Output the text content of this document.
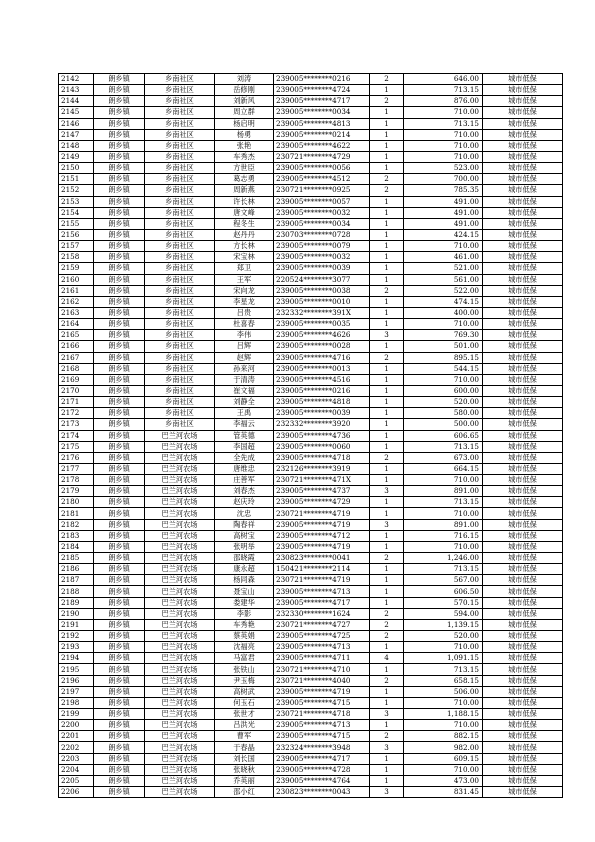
2142	朗乡镇	乡南社区	刘涛	239005********0216	2	646.00	城市低保
2143	朗乡镇	乡南社区	岳修刚	239005********4724	1	713.15	城市低保
2144	朗乡镇	乡南社区	刘新风	239005********4717	2	876.00	城市低保
2145	朗乡镇	乡南社区	周立群	239005********0034	1	710.00	城市低保
2146	朗乡镇	乡南社区	杨启明	239005********4813	1	713.15	城市低保
2147	朗乡镇	乡南社区	杨勇	239005********0214	1	710.00	城市低保
2148	朗乡镇	乡南社区	张艳	239005********4622	1	710.00	城市低保
2149	朗乡镇	乡南社区	车秀杰	230721********4729	1	710.00	城市低保
2150	朗乡镇	乡南社区	方世臣	239005********0056	1	523.00	城市低保
2151	朗乡镇	乡南社区	葛志勇	239005********4512	2	700.00	城市低保
2152	朗乡镇	乡南社区	周新燕	230721********0925	2	785.35	城市低保
2153	朗乡镇	乡南社区	许长林	239005********0057	1	491.00	城市低保
2154	朗乡镇	乡南社区	唐文峰	239005********0032	1	491.00	城市低保
2155	朗乡镇	乡南社区	程冬生	239005********0034	1	491.00	城市低保
2156	朗乡镇	乡南社区	赵丹丹	230703********0728	1	424.15	城市低保
2157	朗乡镇	乡南社区	方长林	239005********0079	1	710.00	城市低保
2158	朗乡镇	乡南社区	宋宝林	239005********0032	1	461.00	城市低保
2159	朗乡镇	乡南社区	郑卫	239005********0039	1	521.00	城市低保
2160	朗乡镇	乡南社区	王军	220524********3077	1	561.00	城市低保
2161	朗乡镇	乡南社区	宋向龙	239005********0038	2	522.00	城市低保
2162	朗乡镇	乡南社区	李星龙	239005********0010	1	474.15	城市低保
2163	朗乡镇	乡南社区	吕贵	232332********391X	1	400.00	城市低保
2164	朗乡镇	乡南社区	杜喜春	239005********0035	1	710.00	城市低保
2165	朗乡镇	乡南社区	李伟	239005********4626	3	769.30	城市低保
2166	朗乡镇	乡南社区	吕辉	239005********0028	1	501.00	城市低保
2167	朗乡镇	乡南社区	赵辉	239005********4716	2	895.15	城市低保
2168	朗乡镇	乡南社区	孙来河	239005********0013	1	544.15	城市低保
2169	朗乡镇	乡南社区	于清涛	239005********4516	1	710.00	城市低保
2170	朗乡镇	乡南社区	崔文福	239005********0216	1	600.00	城市低保
2171	朗乡镇	乡南社区	刘静全	239005********4818	1	520.00	城市低保
2172	朗乡镇	乡南社区	王禹	239005********0039	1	580.00	城市低保
2173	朗乡镇	乡南社区	李福云	232332********3920	1	500.00	城市低保
2174	朗乡镇	巴兰河农场	管英德	239005********4736	1	606.65	城市低保
2175	朗乡镇	巴兰河农场	李国超	239005********0060	1	713.15	城市低保
2176	朗乡镇	巴兰河农场	全先成	239005********4718	2	673.00	城市低保
2177	朗乡镇	巴兰河农场	唐维忠	232126********3919	1	664.15	城市低保
2178	朗乡镇	巴兰河农场	庄善军	230721********471X	1	710.00	城市低保
2179	朗乡镇	巴兰河农场	刘春杰	239005********4737	3	891.00	城市低保
2180	朗乡镇	巴兰河农场	赵庆玲	239005********4729	1	713.15	城市低保
2181	朗乡镇	巴兰河农场	沈忠	230721********4719	1	710.00	城市低保
2182	朗乡镇	巴兰河农场	陶春祥	239005********4719	3	891.00	城市低保
2183	朗乡镇	巴兰河农场	高树宝	239005********4712	1	716.15	城市低保
2184	朗乡镇	巴兰河农场	张明举	239005********4719	1	710.00	城市低保
2185	朗乡镇	巴兰河农场	邵晓霞	230823********0041	2	1,246.00	城市低保
2186	朗乡镇	巴兰河农场	康永超	150421********2114	1	713.15	城市低保
2187	朗乡镇	巴兰河农场	杨同森	230721********4719	1	567.00	城市低保
2188	朗乡镇	巴兰河农场	聂宝山	239005********4713	1	606.50	城市低保
2189	朗乡镇	巴兰河农场	娄建华	239005********4717	1	570.15	城市低保
2190	朗乡镇	巴兰河农场	李影	232330********1624	2	594.00	城市低保
2191	朗乡镇	巴兰河农场	车秀艳	230721********4727	2	1,139.15	城市低保
2192	朗乡镇	巴兰河农场	蔡英娟	239005********4725	2	520.00	城市低保
2193	朗乡镇	巴兰河农场	沈福亮	239005********4713	1	710.00	城市低保
2194	朗乡镇	巴兰河农场	马富君	239005********4711	4	1,091.15	城市低保
2195	朗乡镇	巴兰河农场	张铁山	230721********4710	1	713.15	城市低保
2196	朗乡镇	巴兰河农场	尹玉梅	230721********4040	2	658.15	城市低保
2197	朗乡镇	巴兰河农场	高树武	239005********4719	1	506.00	城市低保
2198	朗乡镇	巴兰河农场	何玉石	239005********4715	1	710.00	城市低保
2199	朗乡镇	巴兰河农场	张世才	230721********4718	3	1,188.15	城市低保
2200	朗乡镇	巴兰河农场	吕洪光	239005********4713	1	710.00	城市低保
2201	朗乡镇	巴兰河农场	曹军	239005********4715	2	882.15	城市低保
2202	朗乡镇	巴兰河农场	于春晶	232324********3948	3	982.00	城市低保
2203	朗乡镇	巴兰河农场	刘长国	239005********4717	1	609.15	城市低保
2204	朗乡镇	巴兰河农场	张晓秋	239005********4728	1	710.00	城市低保
2205	朗乡镇	巴兰河农场	乔英丽	239005********4764	1	473.00	城市低保
2206	朗乡镇	巴兰河农场	邵小红	230823********0043	3	831.45	城市低保
